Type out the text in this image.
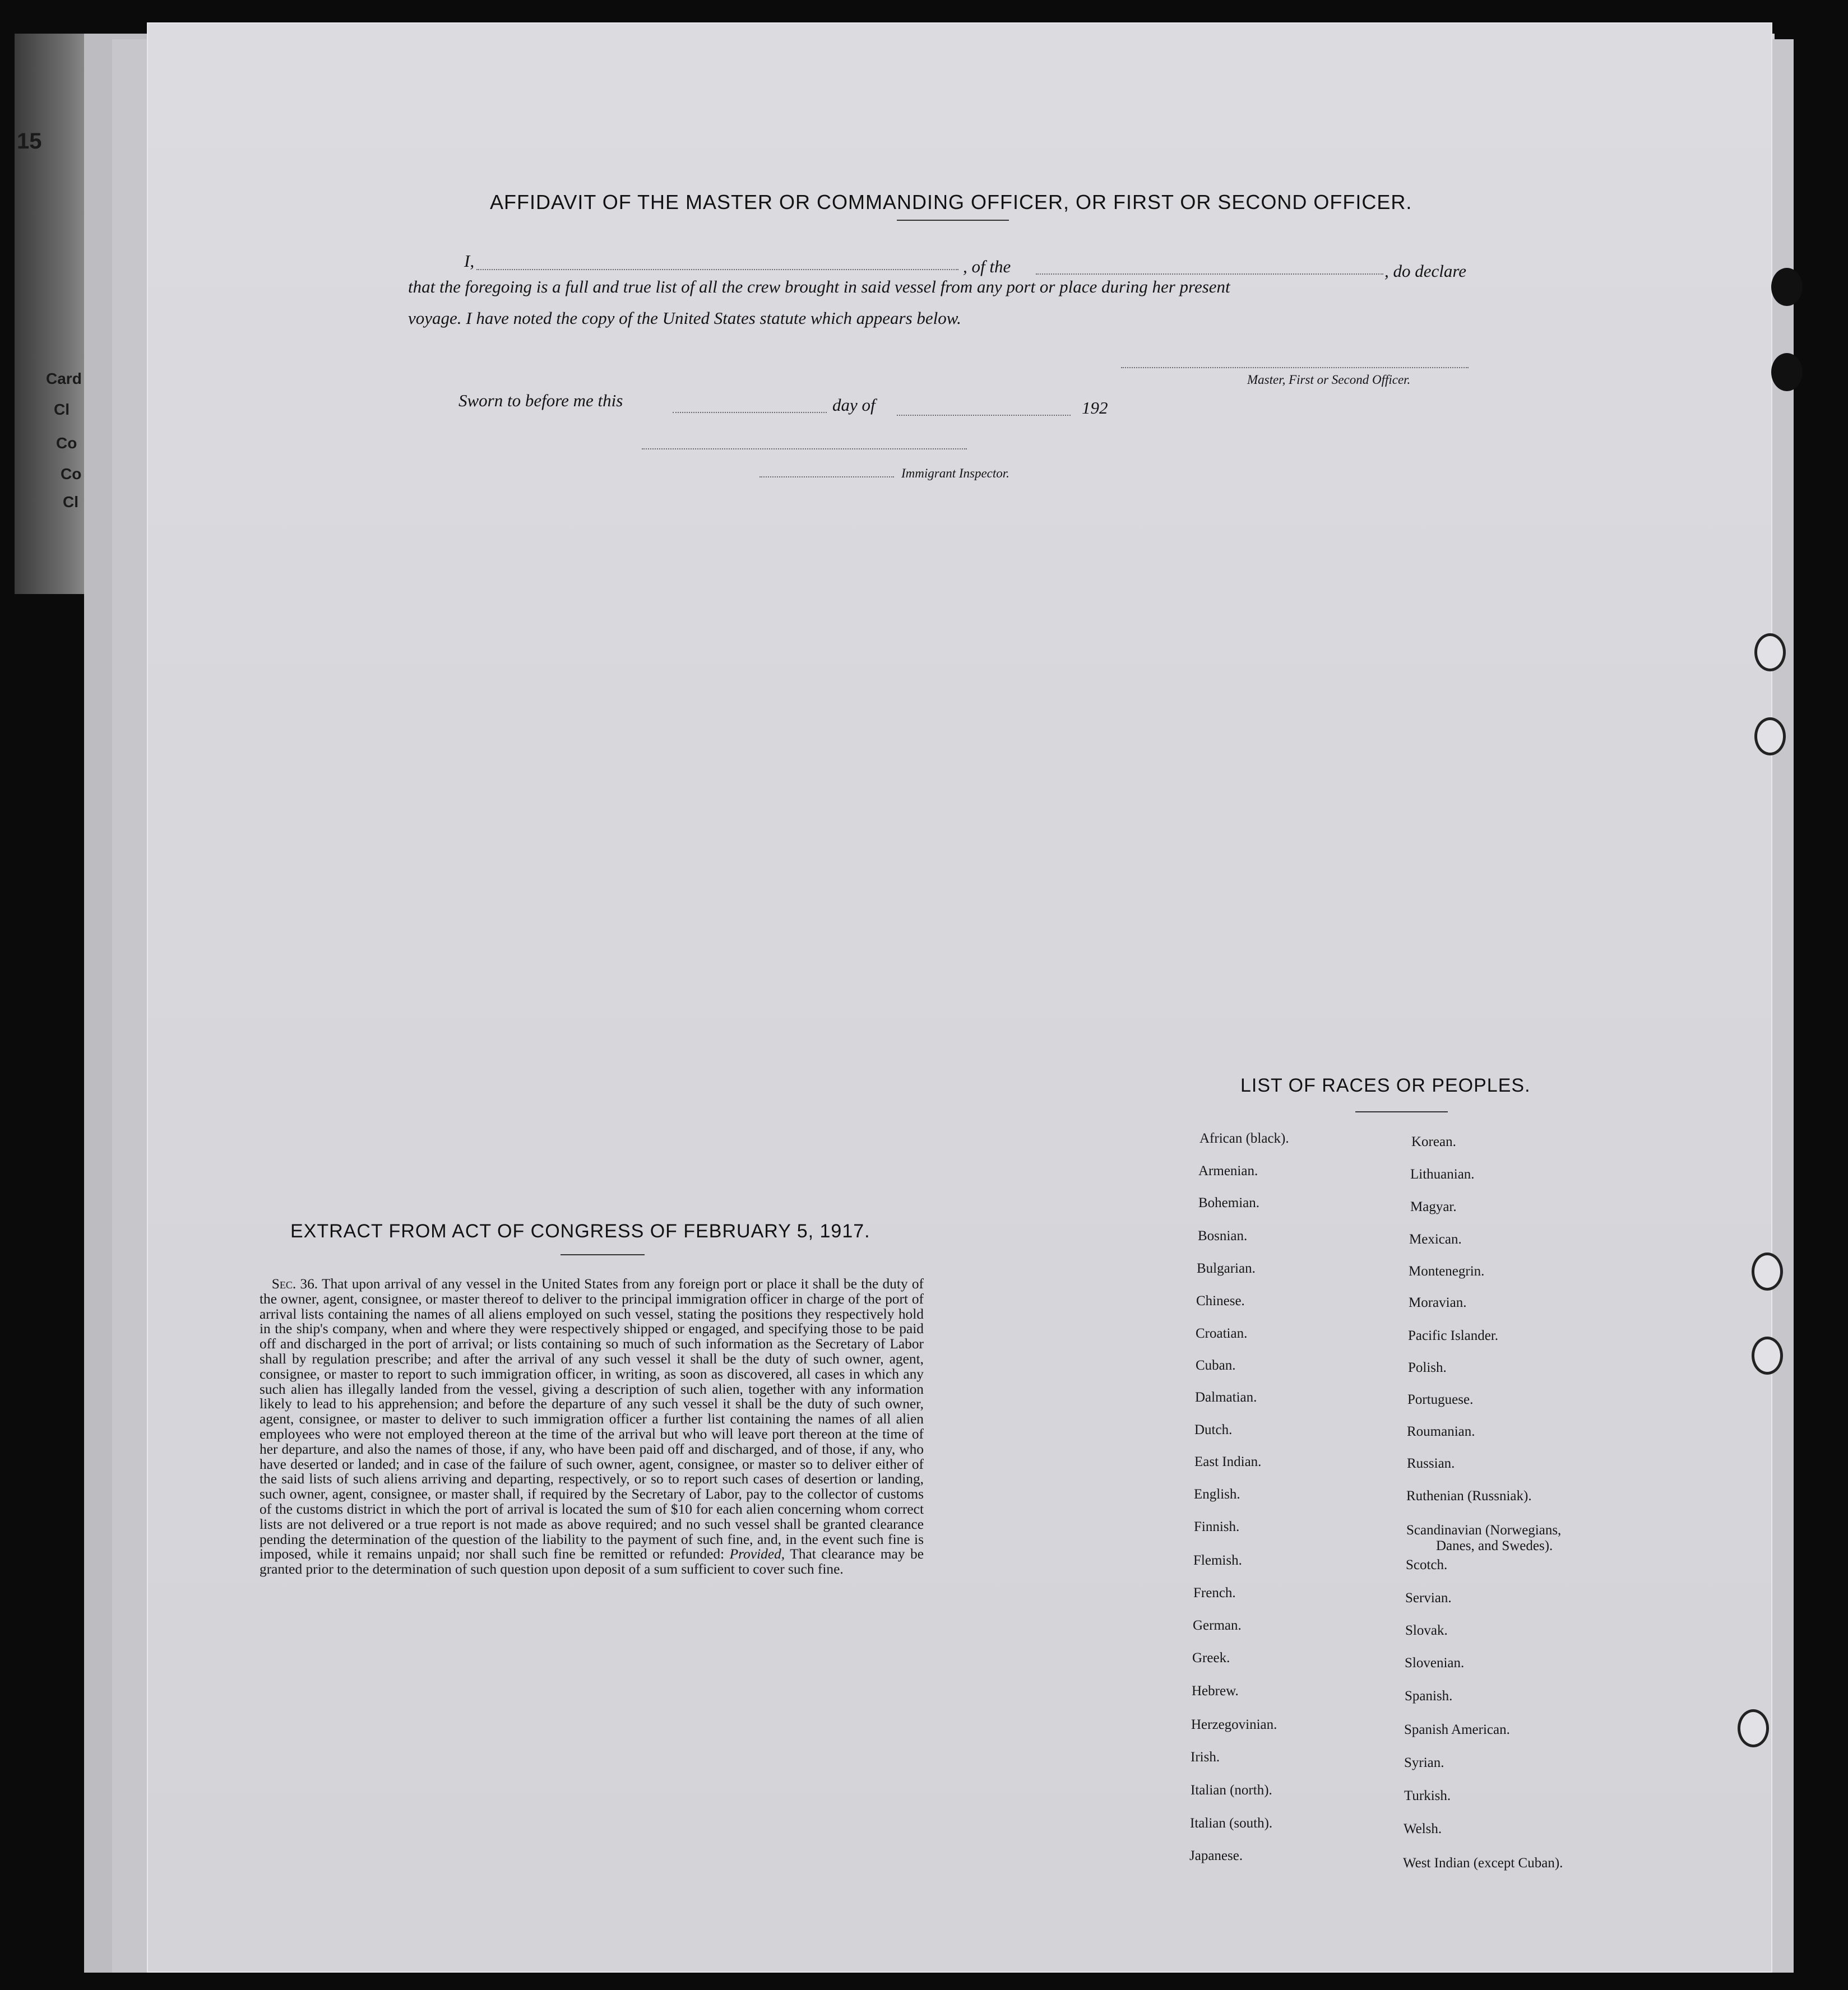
15
Card
Cl
Co
Co
Cl
AFFIDAVIT OF THE MASTER OR COMMANDING OFFICER, OR FIRST OR SECOND OFFICER.
I,	, of the	, do declare
that the foregoing is a full and true list of all the crew brought in said vessel from any port or place during her present
voyage. I have noted the copy of the United States statute which appears below.
Master, First or Second Officer.
Sworn to before me this	day of	192
Immigrant Inspector.
EXTRACT FROM ACT OF CONGRESS OF FEBRUARY 5, 1917.
Sec. 36. That upon arrival of any vessel in the United States from any foreign port or place it shall be the duty of the owner, agent, consignee, or master thereof to deliver to the principal immigration officer in charge of the port of arrival lists containing the names of all aliens employed on such vessel, stating the positions they respectively hold in the ship's company, when and where they were respectively shipped or engaged, and specifying those to be paid off and discharged in the port of arrival; or lists containing so much of such information as the Secretary of Labor shall by regulation prescribe; and after the arrival of any such vessel it shall be the duty of such owner, agent, consignee, or master to report to such immigration officer, in writing, as soon as discovered, all cases in which any such alien has illegally landed from the vessel, giving a description of such alien, together with any information likely to lead to his apprehension; and before the departure of any such vessel it shall be the duty of such owner, agent, consignee, or master to deliver to such immigration officer a further list containing the names of all alien employees who were not employed thereon at the time of the arrival but who will leave port thereon at the time of her departure, and also the names of those, if any, who have been paid off and discharged, and of those, if any, who have deserted or landed; and in case of the failure of such owner, agent, consignee, or master so to deliver either of the said lists of such aliens arriving and departing, respectively, or so to report such cases of desertion or landing, such owner, agent, consignee, or master shall, if required by the Secretary of Labor, pay to the collector of customs of the customs district in which the port of arrival is located the sum of $10 for each alien concerning whom correct lists are not delivered or a true report is not made as above required; and no such vessel shall be granted clearance pending the determination of the question of the liability to the payment of such fine, and, in the event such fine is imposed, while it remains unpaid; nor shall such fine be remitted or refunded: Provided, That clearance may be granted prior to the determination of such question upon deposit of a sum sufficient to cover such fine.
LIST OF RACES OR PEOPLES.
African (black).
Armenian.
Bohemian.
Bosnian.
Bulgarian.
Chinese.
Croatian.
Cuban.
Dalmatian.
Dutch.
East Indian.
English.
Finnish.
Flemish.
French.
German.
Greek.
Hebrew.
Herzegovinian.
Irish.
Italian (north).
Italian (south).
Japanese.
Korean.
Lithuanian.
Magyar.
Mexican.
Montenegrin.
Moravian.
Pacific Islander.
Polish.
Portuguese.
Roumanian.
Russian.
Ruthenian (Russniak).
Scandinavian (Norwegians,
Danes, and Swedes).
Scotch.
Servian.
Slovak.
Slovenian.
Spanish.
Spanish American.
Syrian.
Turkish.
Welsh.
West Indian (except Cuban).
